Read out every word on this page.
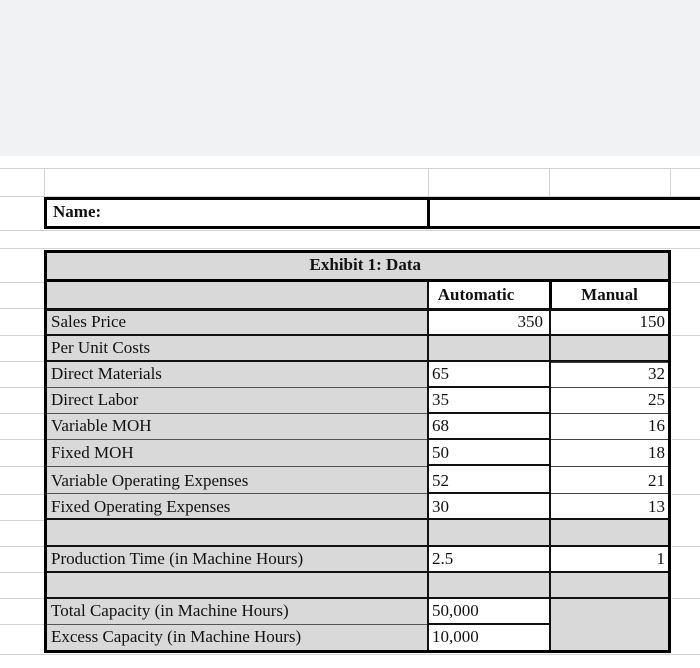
Name:
Exhibit 1: Data
Automatic	Manual
Sales Price
Per Unit Costs
Direct Materials
Direct Labor
Variable MOH
Fixed MOH
Variable Operating Expenses
Fixed Operating Expenses
Production Time (in Machine Hours)
Total Capacity (in Machine Hours)
Excess Capacity (in Machine Hours)
350
65
35
68
50
52
30
2.5
50,000
10,000
150
32
25
16
18
21
13
1
